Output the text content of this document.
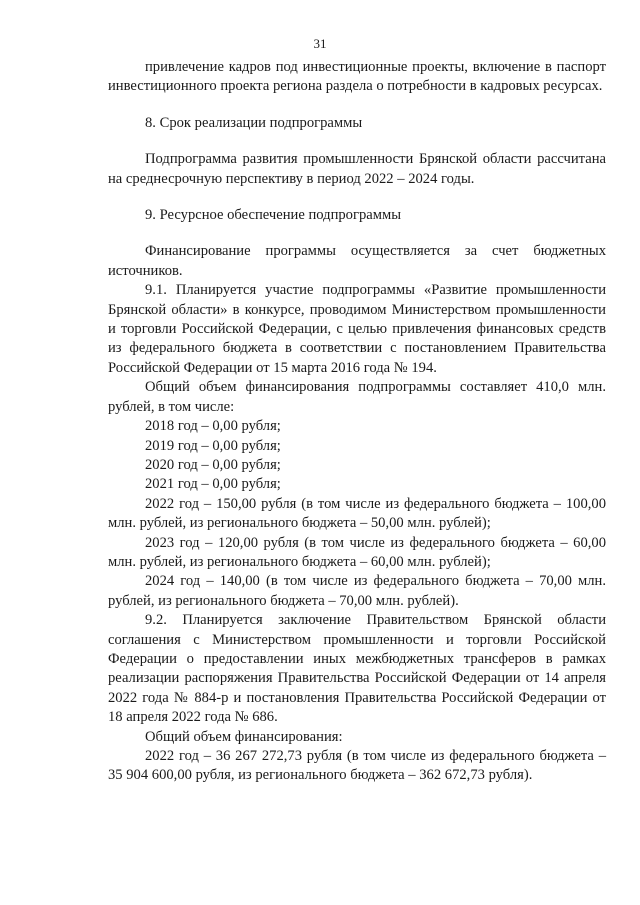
31

привлечение кадров под инвестиционные проекты, включение в паспорт инвестиционного проекта региона раздела о потребности в кадровых ресурсах.

8. Срок реализации подпрограммы

Подпрограмма развития промышленности Брянской области рассчитана на среднесрочную перспективу в период 2022 – 2024 годы.

9. Ресурсное обеспечение подпрограммы

Финансирование программы осуществляется за счет бюджетных источников.

9.1. Планируется участие подпрограммы «Развитие промышленности Брянской области» в конкурсе, проводимом Министерством промышленности и торговли Российской Федерации, с целью привлечения финансовых средств из федерального бюджета в соответствии с постановлением Правительства Российской Федерации от 15 марта 2016 года № 194.

Общий объем финансирования подпрограммы составляет 410,0 млн. рублей, в том числе:

2018 год – 0,00 рубля;

2019 год – 0,00 рубля;

2020 год – 0,00 рубля;

2021 год – 0,00 рубля;

2022 год – 150,00 рубля (в том числе из федерального бюджета – 100,00 млн. рублей, из регионального бюджета – 50,00 млн. рублей);

2023 год – 120,00 рубля (в том числе из федерального бюджета – 60,00 млн. рублей, из регионального бюджета – 60,00 млн. рублей);

2024 год – 140,00 (в том числе из федерального бюджета – 70,00 млн. рублей, из регионального бюджета – 70,00 млн. рублей).

9.2. Планируется заключение Правительством Брянской области соглашения с Министерством промышленности и торговли Российской Федерации о предоставлении иных межбюджетных трансферов в рамках реализации распоряжения Правительства Российской Федерации от 14 апреля 2022 года № 884-р и постановления Правительства Российской Федерации от 18 апреля 2022 года № 686.

Общий объем финансирования:

2022 год – 36 267 272,73 рубля (в том числе из федерального бюджета – 35 904 600,00 рубля, из регионального бюджета – 362 672,73 рубля).
